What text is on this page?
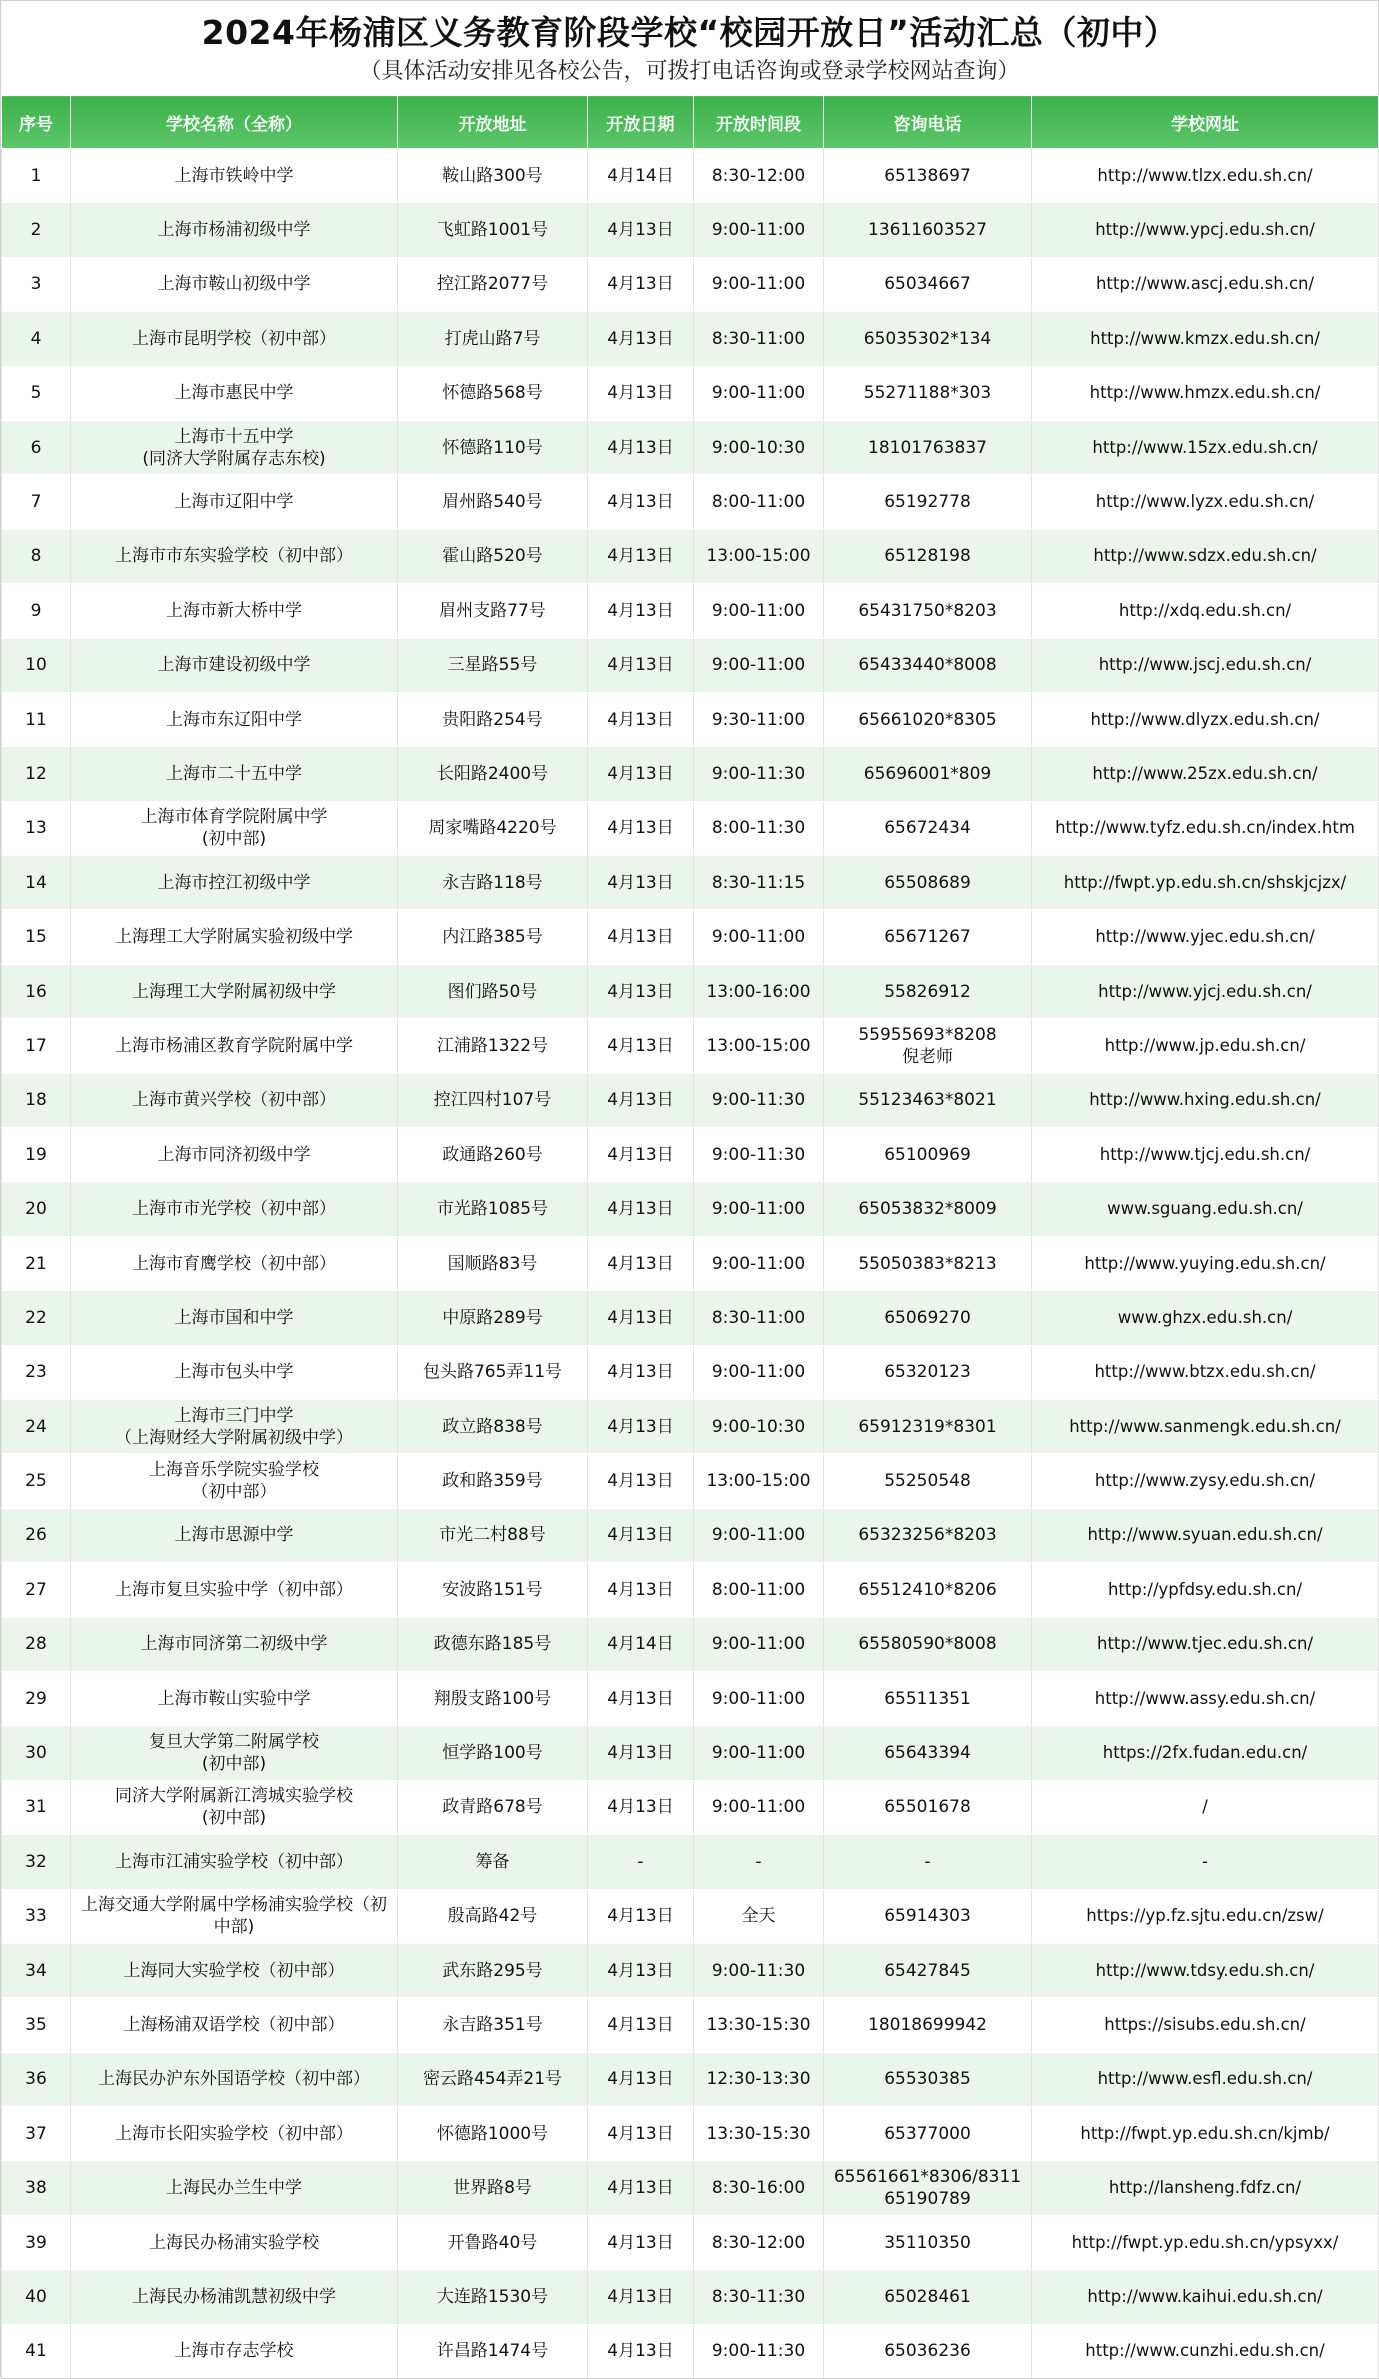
2024年杨浦区义务教育阶段学校“校园开放日”活动汇总（初中）
（具体活动安排见各校公告，可拨打电话咨询或登录学校网站查询）
序号	学校名称（全称）	开放地址	开放日期	开放时间段	咨询电话	学校网址
1	上海市铁岭中学	鞍山路300号	4月14日	8:30-12:00	65138697	http://www.tlzx.edu.sh.cn/
2	上海市杨浦初级中学	飞虹路1001号	4月13日	9:00-11:00	13611603527	http://www.ypcj.edu.sh.cn/
3	上海市鞍山初级中学	控江路2077号	4月13日	9:00-11:00	65034667	http://www.ascj.edu.sh.cn/
4	上海市昆明学校（初中部）	打虎山路7号	4月13日	8:30-11:00	65035302*134	http://www.kmzx.edu.sh.cn/
5	上海市惠民中学	怀德路568号	4月13日	9:00-11:00	55271188*303	http://www.hmzx.edu.sh.cn/
6	上海市十五中学
(同济大学附属存志东校)	怀德路110号	4月13日	9:00-10:30	18101763837	http://www.15zx.edu.sh.cn/
7	上海市辽阳中学	眉州路540号	4月13日	8:00-11:00	65192778	http://www.lyzx.edu.sh.cn/
8	上海市市东实验学校（初中部）	霍山路520号	4月13日	13:00-15:00	65128198	http://www.sdzx.edu.sh.cn/
9	上海市新大桥中学	眉州支路77号	4月13日	9:00-11:00	65431750*8203	http://xdq.edu.sh.cn/
10	上海市建设初级中学	三星路55号	4月13日	9:00-11:00	65433440*8008	http://www.jscj.edu.sh.cn/
11	上海市东辽阳中学	贵阳路254号	4月13日	9:30-11:00	65661020*8305	http://www.dlyzx.edu.sh.cn/
12	上海市二十五中学	长阳路2400号	4月13日	9:00-11:30	65696001*809	http://www.25zx.edu.sh.cn/
13	上海市体育学院附属中学
(初中部)	周家嘴路4220号	4月13日	8:00-11:30	65672434	http://www.tyfz.edu.sh.cn/index.htm
14	上海市控江初级中学	永吉路118号	4月13日	8:30-11:15	65508689	http://fwpt.yp.edu.sh.cn/shskjcjzx/
15	上海理工大学附属实验初级中学	内江路385号	4月13日	9:00-11:00	65671267	http://www.yjec.edu.sh.cn/
16	上海理工大学附属初级中学	图们路50号	4月13日	13:00-16:00	55826912	http://www.yjcj.edu.sh.cn/
17	上海市杨浦区教育学院附属中学	江浦路1322号	4月13日	13:00-15:00	55955693*8208
倪老师	http://www.jp.edu.sh.cn/
18	上海市黄兴学校（初中部）	控江四村107号	4月13日	9:00-11:30	55123463*8021	http://www.hxing.edu.sh.cn/
19	上海市同济初级中学	政通路260号	4月13日	9:00-11:30	65100969	http://www.tjcj.edu.sh.cn/
20	上海市市光学校（初中部）	市光路1085号	4月13日	9:00-11:00	65053832*8009	www.sguang.edu.sh.cn/
21	上海市育鹰学校（初中部）	国顺路83号	4月13日	9:00-11:00	55050383*8213	http://www.yuying.edu.sh.cn/
22	上海市国和中学	中原路289号	4月13日	8:30-11:00	65069270	www.ghzx.edu.sh.cn/
23	上海市包头中学	包头路765弄11号	4月13日	9:00-11:00	65320123	http://www.btzx.edu.sh.cn/
24	上海市三门中学
（上海财经大学附属初级中学）	政立路838号	4月13日	9:00-10:30	65912319*8301	http://www.sanmengk.edu.sh.cn/
25	上海音乐学院实验学校
（初中部）	政和路359号	4月13日	13:00-15:00	55250548	http://www.zysy.edu.sh.cn/
26	上海市思源中学	市光二村88号	4月13日	9:00-11:00	65323256*8203	http://www.syuan.edu.sh.cn/
27	上海市复旦实验中学（初中部）	安波路151号	4月13日	8:00-11:00	65512410*8206	http://ypfdsy.edu.sh.cn/
28	上海市同济第二初级中学	政德东路185号	4月14日	9:00-11:00	65580590*8008	http://www.tjec.edu.sh.cn/
29	上海市鞍山实验中学	翔殷支路100号	4月13日	9:00-11:00	65511351	http://www.assy.edu.sh.cn/
30	复旦大学第二附属学校
(初中部)	恒学路100号	4月13日	9:00-11:00	65643394	https://2fx.fudan.edu.cn/
31	同济大学附属新江湾城实验学校
(初中部)	政青路678号	4月13日	9:00-11:00	65501678	/
32	上海市江浦实验学校（初中部）	筹备	-	-	-	-
33	上海交通大学附属中学杨浦实验学校（初
中部)	殷高路42号	4月13日	全天	65914303	https://yp.fz.sjtu.edu.cn/zsw/
34	上海同大实验学校（初中部）	武东路295号	4月13日	9:00-11:30	65427845	http://www.tdsy.edu.sh.cn/
35	上海杨浦双语学校（初中部）	永吉路351号	4月13日	13:30-15:30	18018699942	https://sisubs.edu.sh.cn/
36	上海民办沪东外国语学校（初中部）	密云路454弄21号	4月13日	12:30-13:30	65530385	http://www.esfl.edu.sh.cn/
37	上海市长阳实验学校（初中部）	怀德路1000号	4月13日	13:30-15:30	65377000	http://fwpt.yp.edu.sh.cn/kjmb/
38	上海民办兰生中学	世界路8号	4月13日	8:30-16:00	65561661*8306/8311
65190789	http://lansheng.fdfz.cn/
39	上海民办杨浦实验学校	开鲁路40号	4月13日	8:30-12:00	35110350	http://fwpt.yp.edu.sh.cn/ypsyxx/
40	上海民办杨浦凯慧初级中学	大连路1530号	4月13日	8:30-11:30	65028461	http://www.kaihui.edu.sh.cn/
41	上海市存志学校	许昌路1474号	4月13日	9:00-11:30	65036236	http://www.cunzhi.edu.sh.cn/
